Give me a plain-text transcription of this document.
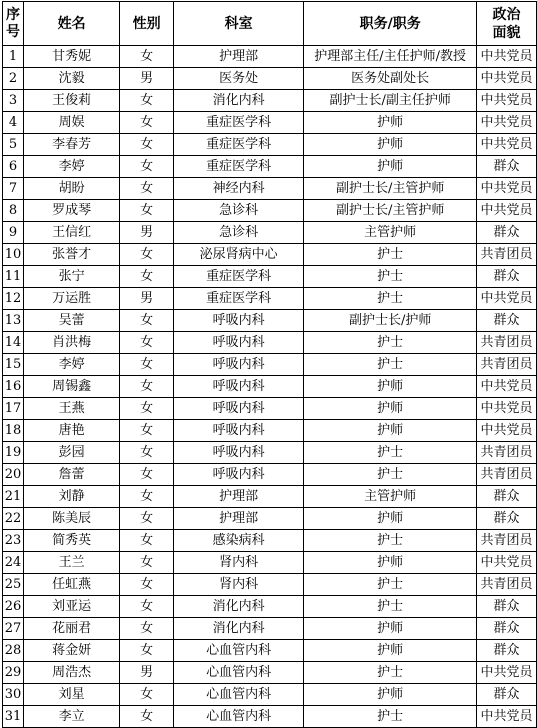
序号	姓名	性别	科室	职务/职务	政治面貌
1	甘秀妮	女	护理部	护理部主任/主任护师/教授	中共党员
2	沈毅	男	医务处	医务处副处长	中共党员
3	王俊莉	女	消化内科	副护士长/副主任护师	中共党员
4	周娱	女	重症医学科	护师	中共党员
5	李春芳	女	重症医学科	护师	中共党员
6	李婷	女	重症医学科	护师	群众
7	胡盼	女	神经内科	副护士长/主管护师	中共党员
8	罗成琴	女	急诊科	副护士长/主管护师	中共党员
9	王信红	男	急诊科	主管护师	群众
10	张誉才	女	泌尿肾病中心	护士	共青团员
11	张宁	女	重症医学科	护士	群众
12	万运胜	男	重症医学科	护士	中共党员
13	吴蕾	女	呼吸内科	副护士长/护师	群众
14	肖洪梅	女	呼吸内科	护士	共青团员
15	李婷	女	呼吸内科	护士	共青团员
16	周锡鑫	女	呼吸内科	护师	中共党员
17	王燕	女	呼吸内科	护师	中共党员
18	唐艳	女	呼吸内科	护师	中共党员
19	彭园	女	呼吸内科	护士	共青团员
20	詹蕾	女	呼吸内科	护士	共青团员
21	刘静	女	护理部	主管护师	群众
22	陈美辰	女	护理部	护师	群众
23	简秀英	女	感染病科	护士	共青团员
24	王兰	女	肾内科	护师	中共党员
25	任虹燕	女	肾内科	护士	共青团员
26	刘亚运	女	消化内科	护士	群众
27	花丽君	女	消化内科	护师	群众
28	蒋金妍	女	心血管内科	护师	群众
29	周浩杰	男	心血管内科	护士	中共党员
30	刘星	女	心血管内科	护师	群众
31	李立	女	心血管内科	护士	中共党员
